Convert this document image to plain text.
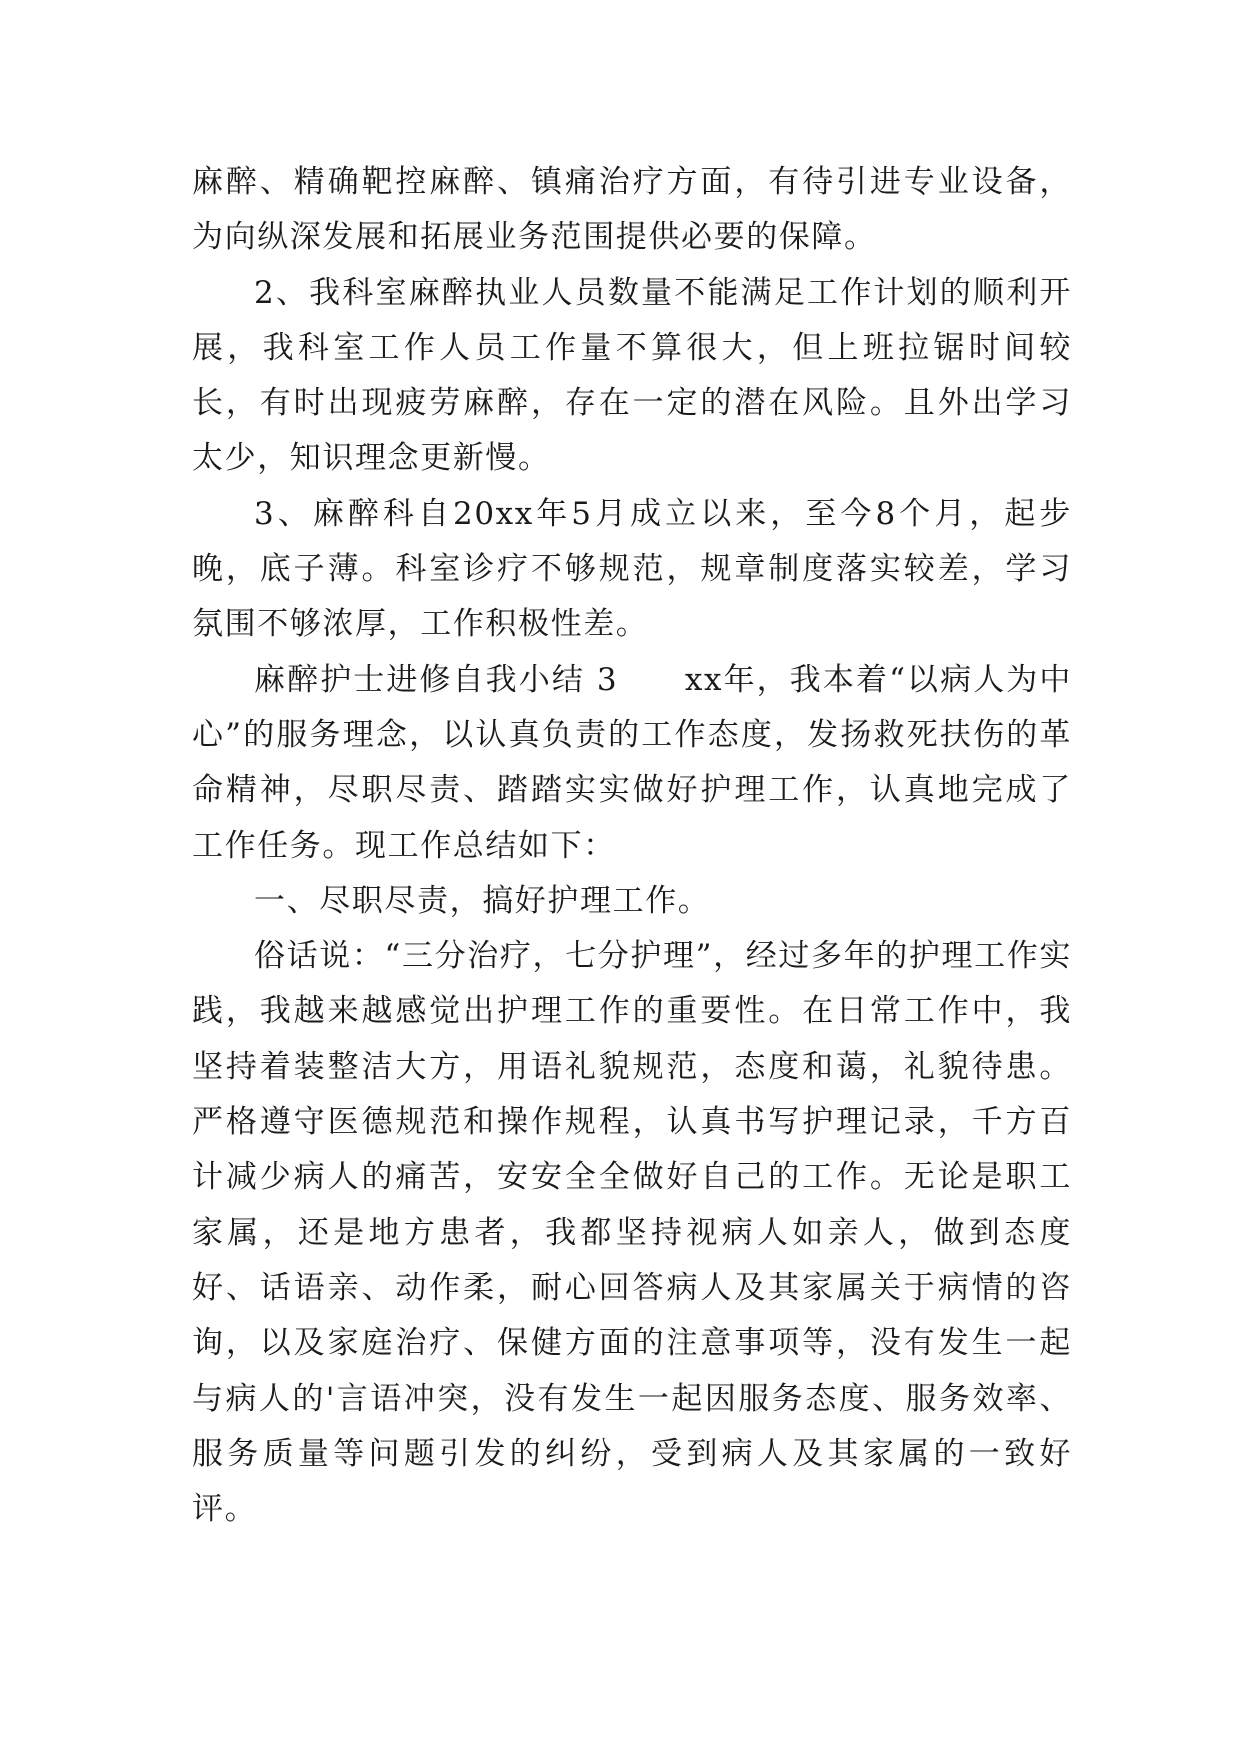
麻醉、精确靶控麻醉、镇痛治疗方面，有待引进专业设备，为向纵深发展和拓展业务范围提供必要的保障。

2、我科室麻醉执业人员数量不能满足工作计划的顺利开展，我科室工作人员工作量不算很大，但上班拉锯时间较长，有时出现疲劳麻醉，存在一定的潜在风险。且外出学习太少，知识理念更新慢。

3、麻醉科自20xx年5月成立以来，至今8个月，起步晚，底子薄。科室诊疗不够规范，规章制度落实较差，学习氛围不够浓厚，工作积极性差。

麻醉护士进修自我小结 3　　xx年，我本着“以病人为中心”的服务理念，以认真负责的工作态度，发扬救死扶伤的革命精神，尽职尽责、踏踏实实做好护理工作，认真地完成了工作任务。现工作总结如下：

一、尽职尽责，搞好护理工作。

俗话说：“三分治疗，七分护理”，经过多年的护理工作实践，我越来越感觉出护理工作的重要性。在日常工作中，我坚持着装整洁大方，用语礼貌规范，态度和蔼，礼貌待患。严格遵守医德规范和操作规程，认真书写护理记录，千方百计减少病人的痛苦，安安全全做好自己的工作。无论是职工家属，还是地方患者，我都坚持视病人如亲人，做到态度好、话语亲、动作柔，耐心回答病人及其家属关于病情的咨询，以及家庭治疗、保健方面的注意事项等，没有发生一起与病人的'言语冲突，没有发生一起因服务态度、服务效率、服务质量等问题引发的纠纷，受到病人及其家属的一致好评。
